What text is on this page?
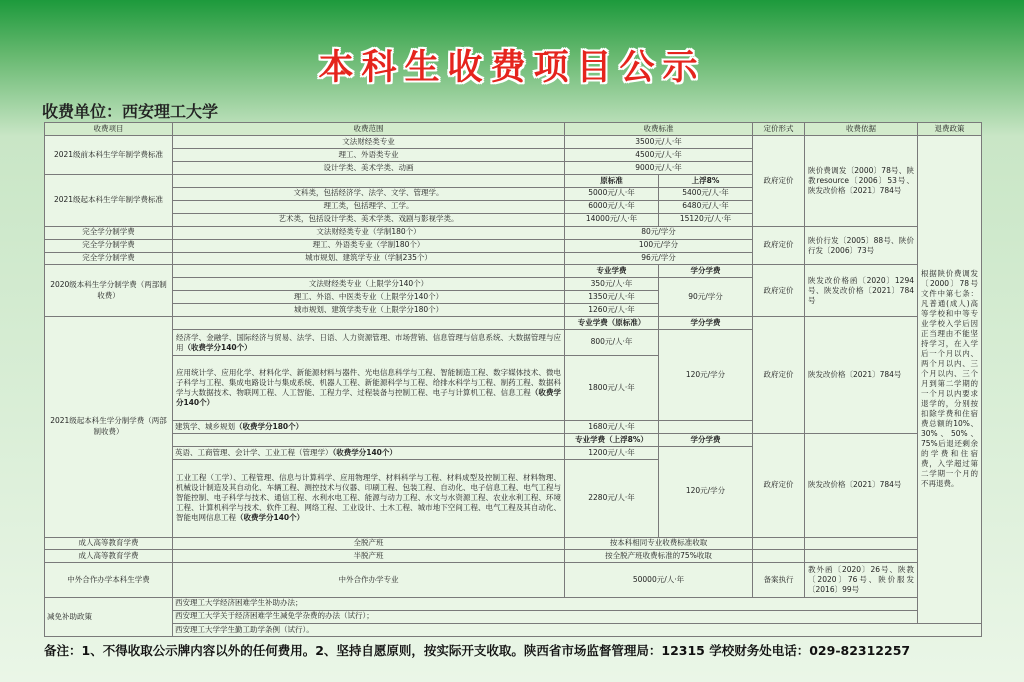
本科生收费项目公示
收费单位：西安理工大学
收费项目	收费范围	收费标准		定价形式	收费依据	退费政策
2021级前本科生学年制学费标准	文法财经类专业	3500元/人·年		政府定价	陕价费调发〔2000〕78号、陕教resource〔2006〕53号、陕发改价格〔2021〕784号	根据陕价费调发〔2000〕78号文件中第七条：凡普通(成人)高等学校和中等专业学校入学后因正当理由不能坚持学习，在入学后一个月以内、两个月以内、三个月以内、三个月到第二学期的一个月以内要求退学的，分别按扣除学费和住宿费总额的10%、30%、50%、75%后退还剩余的学费和住宿费，入学超过第二学期一个月的不再退费。
	理工、外语类专业	4500元/人·年				
	设计学类、美术学类、动画	9000元/人·年				
2021级起本科生学年制学费标准		原标准	上浮8%			
	文科类，包括经济学、法学、文学、管理学。	5000元/人·年	5400元/人·年			
	理工类，包括理学、工学。	6000元/人·年	6480元/人·年			
	艺术类，包括设计学类、美术学类、戏剧与影视学类。	14000元/人·年	15120元/人·年			
完全学分制学费	文法财经类专业（学制180个）	80元/学分		政府定价	陕价行发〔2005〕88号、陕价行发〔2006〕73号	
完全学分制学费	理工、外语类专业（学制180个）	100元/学分				
完全学分制学费	城市规划、建筑学专业（学制235个）	96元/学分				
2020级本科生学分制学费（两部制收费）		专业学费	学分学费	政府定价	陕发改价格函〔2020〕1294号、陕发改价格〔2021〕784号	
	文法财经类专业（上限学分140个）	350元/人·年	90元/学分			
	理工、外语、中医类专业（上限学分140个）	1350元/人·年				
	城市规划、建筑学类专业（上限学分180个）	1260元/人·年				
2021级起本科生学分制学费（两部制收费）		专业学费（原标准）	学分学费	政府定价	陕发改价格〔2021〕784号	
	经济学、金融学、国际经济与贸易、法学、日语、人力资源管理、市场营销、信息管理与信息系统、大数据管理与应用（收费学分140个）	800元/人·年	120元/学分			

	应用统计学、应用化学、材料化学、新能源材料与器件、光电信息科学与工程、智能制造工程、数字媒体技术、微电子科学与工程、集成电路设计与集成系统、机器人工程、新能源科学与工程、给排水科学与工程、制药工程、数据科学与大数据技术、物联网工程、人工智能、工程力学、过程装备与控制工程、电子与计算机工程、信息工程（收费学分140个）	1800元/人·年				

	建筑学、城乡规划（收费学分180个）	1680元/人·年				
		专业学费（上浮8%）	学分学费	政府定价	陕发改价格〔2021〕784号	
	英语、工商管理、会计学、工业工程（管理学）（收费学分140个）	1200元/人·年	120元/学分			
	工业工程（工学）、工程管理、信息与计算科学、应用物理学、材料科学与工程、材料成型及控制工程、材料物理、机械设计制造及其自动化、车辆工程、测控技术与仪器、印刷工程、包装工程、自动化、电子信息工程、电气工程与智能控制、电子科学与技术、通信工程、水利水电工程、能源与动力工程、水文与水资源工程、农业水利工程、环境工程、计算机科学与技术、软件工程、网络工程、工业设计、土木工程、城市地下空间工程、电气工程及其自动化、智能电网信息工程（收费学分140个）	2280元/人·年				

成人高等教育学费	全脱产班	按本科相同专业收费标准收取				
成人高等教育学费	半脱产班	按全脱产班收费标准的75%收取				
中外合作办学本科生学费	中外合作办学专业	50000元/人·年		备案执行	教外函〔2020〕26号、陕教〔2020〕76号、陕价服发〔2016〕99号	

减免补助政策	西安理工大学经济困难学生补助办法；					
	西安理工大学关于经济困难学生减免学杂费的办法（试行）；					
	西安理工大学学生勤工助学条例（试行）。					
备注：1、不得收取公示牌内容以外的任何费用。2、坚持自愿原则，按实际开支收取。陕西省市场监督管理局：12315 学校财务处电话：029-82312257
